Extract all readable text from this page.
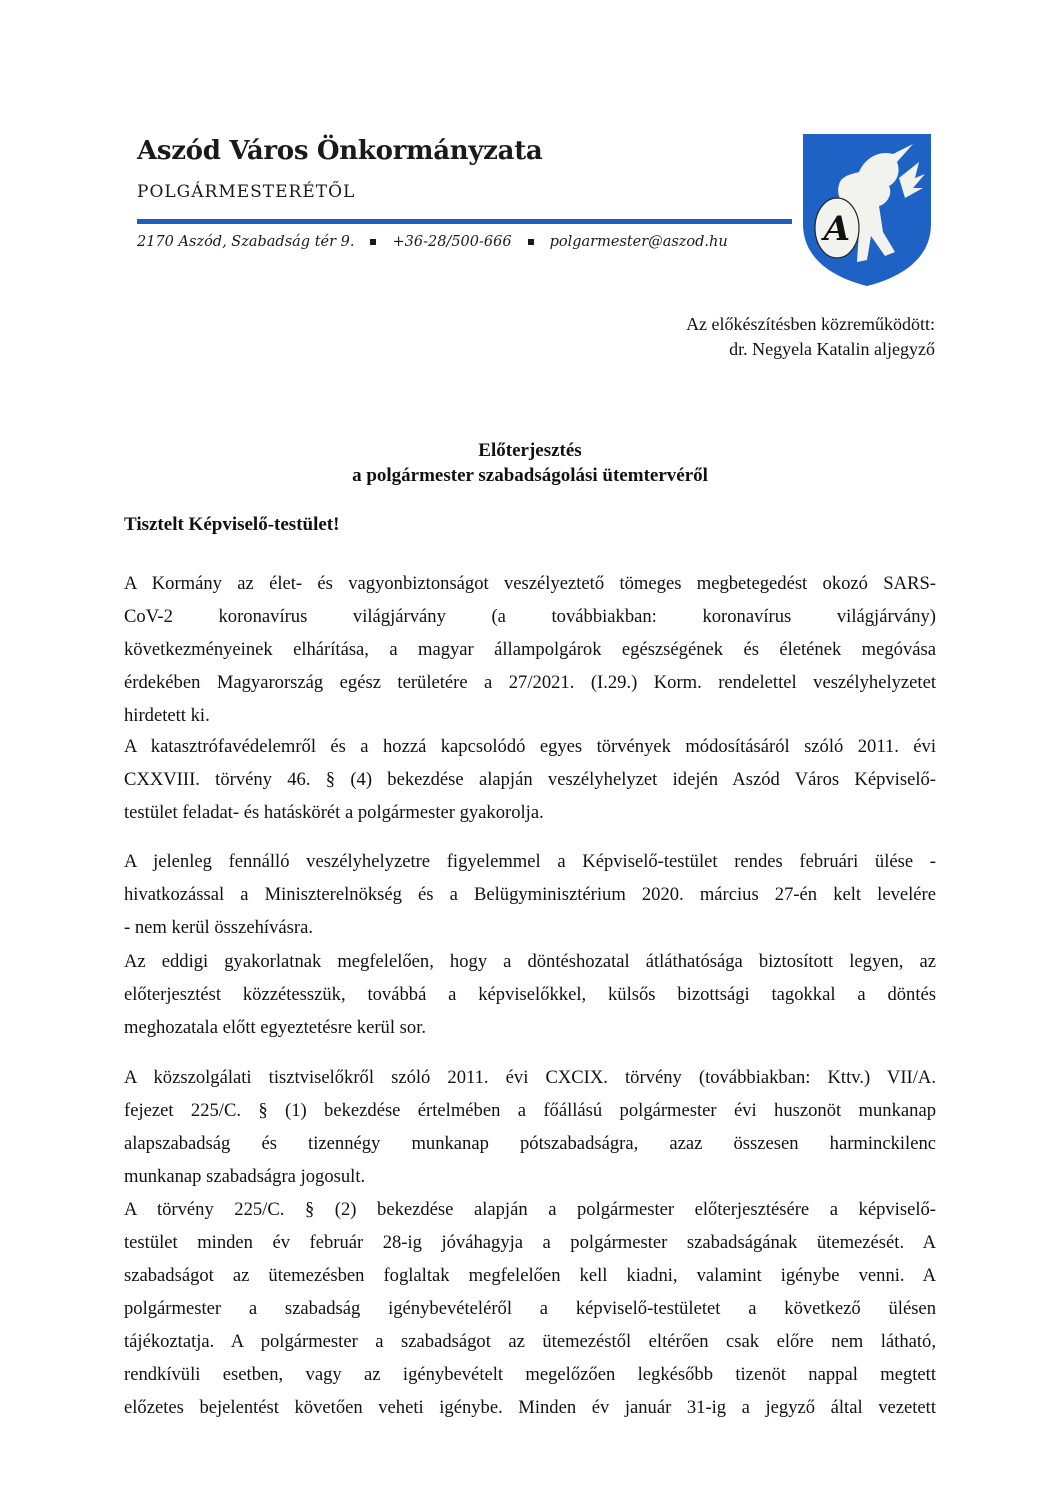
Aszód Város Önkormányzata
POLGÁRMESTERÉTŐL
2170 Aszód, Szabadság tér 9.	+36-28/500-666	polgarmester@aszod.hu	A
Az előkészítésben közreműködött:
dr. Negyela Katalin aljegyző
Előterjesztés
a polgármester szabadságolási ütemtervéről
Tisztelt Képviselő-testület!
A Kormány az élet- és vagyonbiztonságot veszélyeztető tömeges megbetegedést okozó SARS-
CoV-2 koronavírus világjárvány (a továbbiakban: koronavírus világjárvány)
következményeinek elhárítása, a magyar állampolgárok egészségének és életének megóvása
érdekében Magyarország egész területére a 27/2021. (I.29.) Korm. rendelettel veszélyhelyzetet
hirdetett ki.
A katasztrófavédelemről és a hozzá kapcsolódó egyes törvények módosításáról szóló 2011. évi
CXXVIII. törvény 46. § (4) bekezdése alapján veszélyhelyzet idején Aszód Város Képviselő-
testület feladat- és hatáskörét a polgármester gyakorolja.
A jelenleg fennálló veszélyhelyzetre figyelemmel a Képviselő-testület rendes februári ülése -
hivatkozással a Miniszterelnökség és a Belügyminisztérium 2020. március 27-én kelt levelére
- nem kerül összehívásra.
Az eddigi gyakorlatnak megfelelően, hogy a döntéshozatal átláthatósága biztosított legyen, az
előterjesztést közzétesszük, továbbá a képviselőkkel, külsős bizottsági tagokkal a döntés
meghozatala előtt egyeztetésre kerül sor.
A közszolgálati tisztviselőkről szóló 2011. évi CXCIX. törvény (továbbiakban: Kttv.) VII/A.
fejezet 225/C. § (1) bekezdése értelmében a főállású polgármester évi huszonöt munkanap
alapszabadság és tizennégy munkanap pótszabadságra, azaz összesen harminckilenc
munkanap szabadságra jogosult.
A törvény 225/C. § (2) bekezdése alapján a polgármester előterjesztésére a képviselő-
testület minden év február 28-ig jóváhagyja a polgármester szabadságának ütemezését. A
szabadságot az ütemezésben foglaltak megfelelően kell kiadni, valamint igénybe venni. A
polgármester a szabadság igénybevételéről a képviselő-testületet a következő ülésen
tájékoztatja. A polgármester a szabadságot az ütemezéstől eltérően csak előre nem látható,
rendkívüli esetben, vagy az igénybevételt megelőzően legkésőbb tizenöt nappal megtett
előzetes bejelentést követően veheti igénybe. Minden év január 31-ig a jegyző által vezetett
